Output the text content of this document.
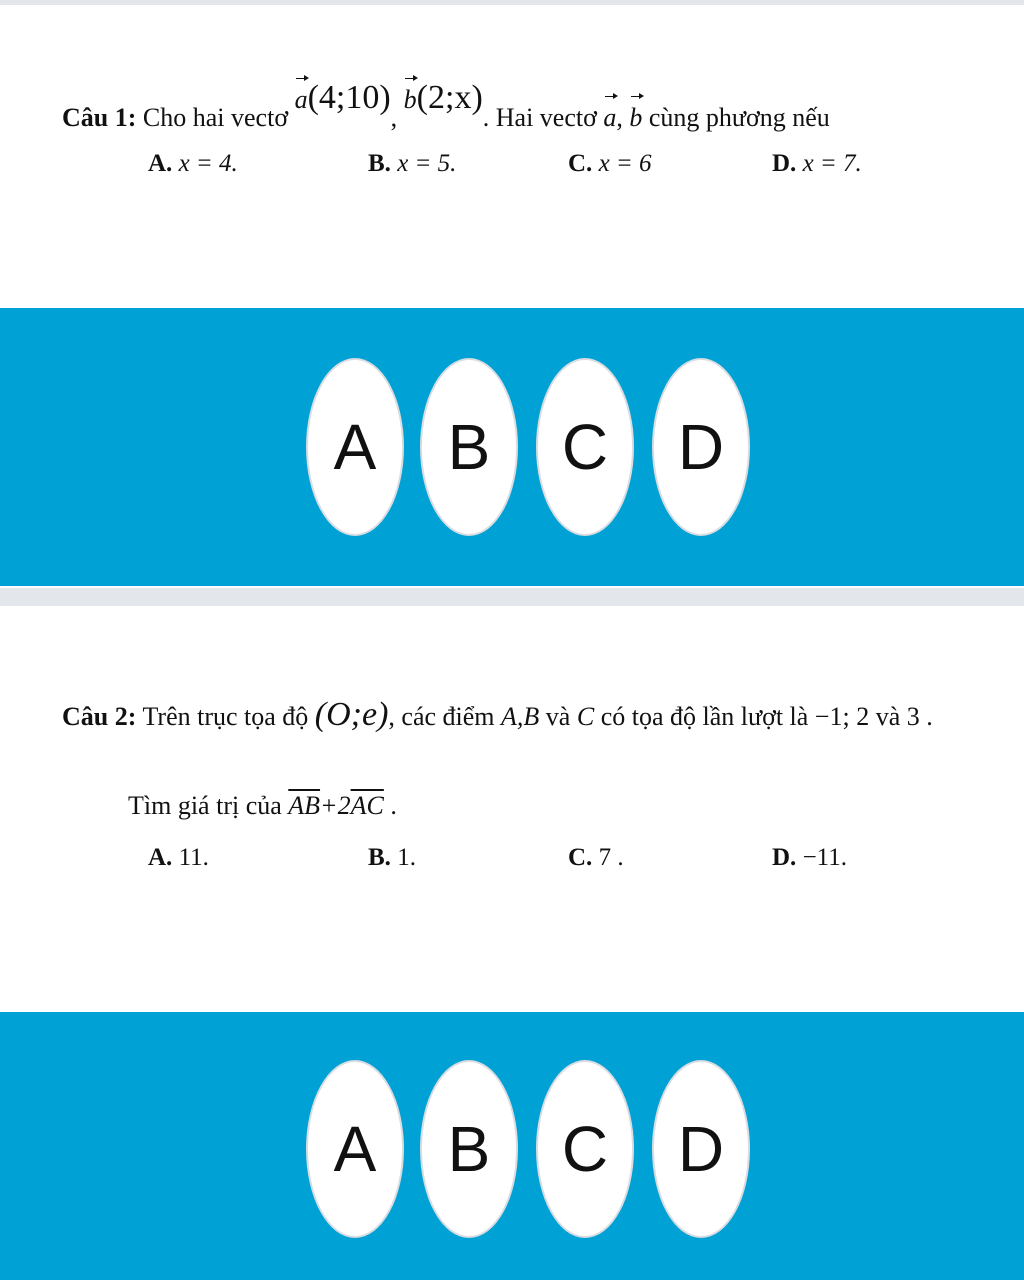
Câu 1: Cho hai vectơ a(4;10), b(2;x). Hai vectơ a, b cùng phương nếu
A. x = 4.	B. x = 5.	C. x = 6	D. x = 7.
A	B	C	D
Câu 2: Trên trục tọa độ (O;e), các điểm A,B và C có tọa độ lần lượt là −1; 2 và 3 .
Tìm giá trị của $\overline{AB}+2\overline{AC}$ .
A. 11.	B. 1.	C. 7 .	D. −11.
A	B	C	D
